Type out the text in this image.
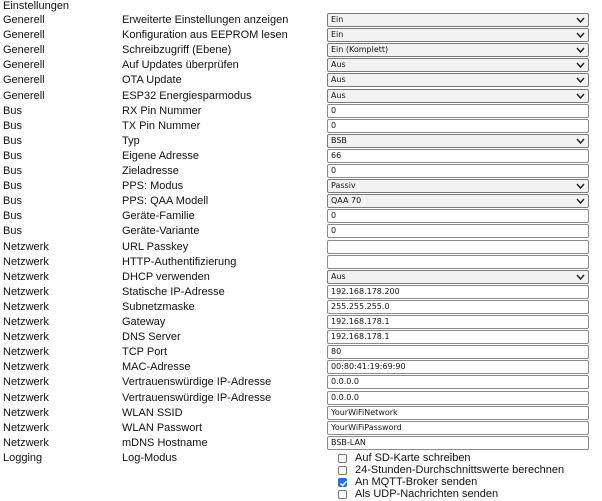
Einstellungen
Generell	Erweiterte Einstellungen anzeigen	Ein
Generell	Konfiguration aus EEPROM lesen	Ein
Generell	Schreibzugriff (Ebene)	Ein (Komplett)
Generell	Auf Updates überprüfen	Aus
Generell	OTA Update	Aus
Generell	ESP32 Energiesparmodus	Aus
Bus	RX Pin Nummer	0
Bus	TX Pin Nummer	0
Bus	Typ	BSB
Bus	Eigene Adresse	66
Bus	Zieladresse	0
Bus	PPS: Modus	Passiv
Bus	PPS: QAA Modell	QAA 70
Bus	Geräte-Familie	0
Bus	Geräte-Variante	0
Netzwerk	URL Passkey
Netzwerk	HTTP-Authentifizierung
Netzwerk	DHCP verwenden	Aus
Netzwerk	Statische IP-Adresse	192.168.178.200
Netzwerk	Subnetzmaske	255.255.255.0
Netzwerk	Gateway	192.168.178.1
Netzwerk	DNS Server	192.168.178.1
Netzwerk	TCP Port	80
Netzwerk	MAC-Adresse	00:80:41:19:69:90
Netzwerk	Vertrauenswürdige IP-Adresse	0.0.0.0
Netzwerk	Vertrauenswürdige IP-Adresse	0.0.0.0
Netzwerk	WLAN SSID	YourWiFiNetwork
Netzwerk	WLAN Passwort	YourWiFiPassword
Netzwerk	mDNS Hostname	BSB-LAN
Logging	Log-Modus	Auf SD-Karte schreiben
24-Stunden-Durchschnittswerte berechnen
An MQTT-Broker senden
Als UDP-Nachrichten senden
